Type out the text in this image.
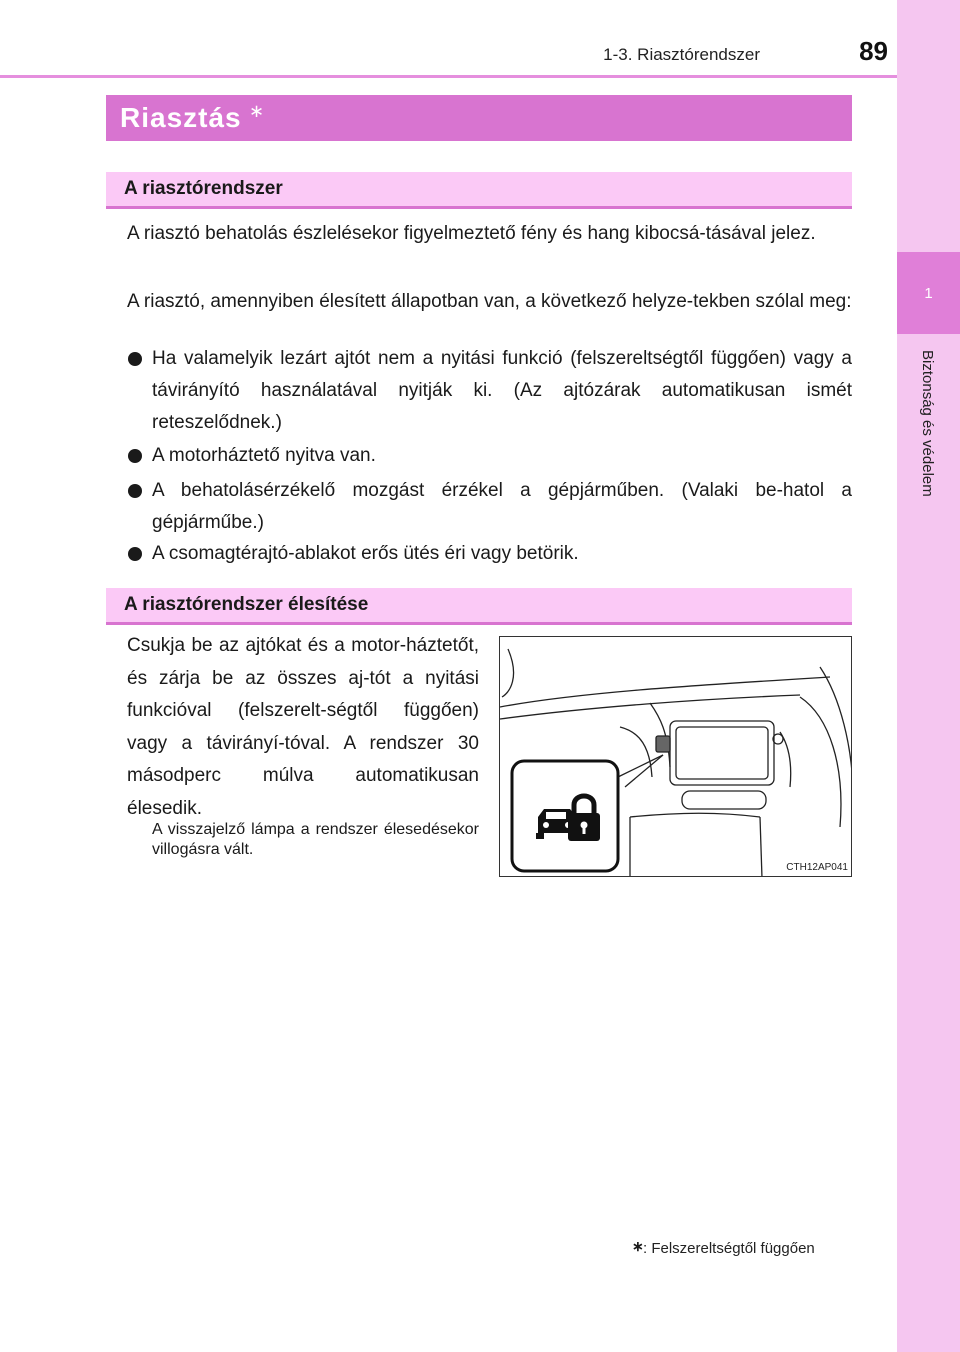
1
Biztonság és védelem
1-3. Riasztórendszer	89
Riasztás ∗
A riasztórendszer
A riasztó behatolás észlelésekor figyelmeztető fény és hang kibocsá-tásával jelez.
A riasztó, amennyiben élesített állapotban van, a következő helyze-tekben szólal meg:
Ha valamelyik lezárt ajtót nem a nyitási funkció (felszereltségtől függően) vagy a távirányító használatával nyitják ki. (Az ajtózárak automatikusan ismét reteszelődnek.)
A motorháztető nyitva van.
A behatolásérzékelő mozgást érzékel a gépjárműben. (Valaki be-hatol a gépjárműbe.)
A csomagtérajtó-ablakot erős ütés éri vagy betörik.
A riasztórendszer élesítése
Csukja be az ajtókat és a motor-háztetőt, és zárja be az összes aj-tót a nyitási funkcióval (felszerelt-ségtől függően) vagy a távirányí-tóval. A rendszer 30 másodperc múlva automatikusan élesedik.
A visszajelző lámpa a rendszer élesedésekor villogásra vált.
CTH12AP041
∗ : Felszereltségtől függően
